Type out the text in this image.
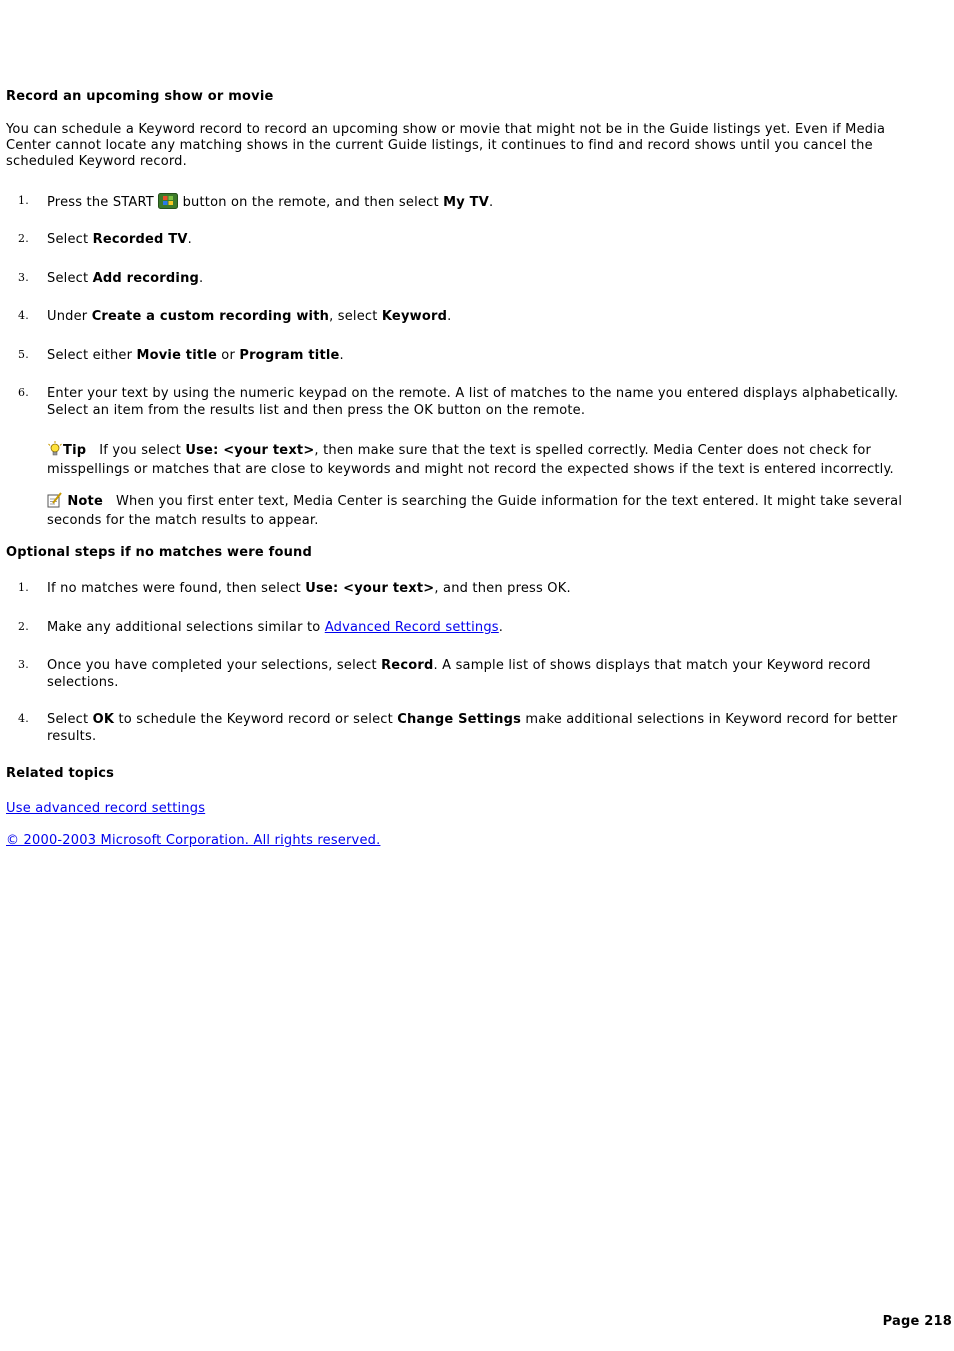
Record an upcoming show or movie
You can schedule a Keyword record to record an upcoming show or movie that might not be in the Guide listings yet. Even if Media
Center cannot locate any matching shows in the current Guide listings, it continues to find and record shows until you cancel the
scheduled Keyword record.
1. Press the START  button on the remote, and then select My TV.
2. Select Recorded TV.
3. Select Add recording.
4. Under Create a custom recording with, select Keyword.
5. Select either Movie title or Program title.
6. Enter your text by using the numeric keypad on the remote. A list of matches to the name you entered displays alphabetically.
Select an item from the results list and then press the OK button on the remote.
Tip If you select Use: <your text>, then make sure that the text is spelled correctly. Media Center does not check for
misspellings or matches that are close to keywords and might not record the expected shows if the text is entered incorrectly.
Note When you first enter text, Media Center is searching the Guide information for the text entered. It might take several
seconds for the match results to appear.
Optional steps if no matches were found
1. If no matches were found, then select Use: <your text>, and then press OK.
2. Make any additional selections similar to Advanced Record settings.
3. Once you have completed your selections, select Record. A sample list of shows displays that match your Keyword record
selections.
4. Select OK to schedule the Keyword record or select Change Settings make additional selections in Keyword record for better
results.
Related topics
Use advanced record settings
© 2000-2003 Microsoft Corporation. All rights reserved.
Page 218
